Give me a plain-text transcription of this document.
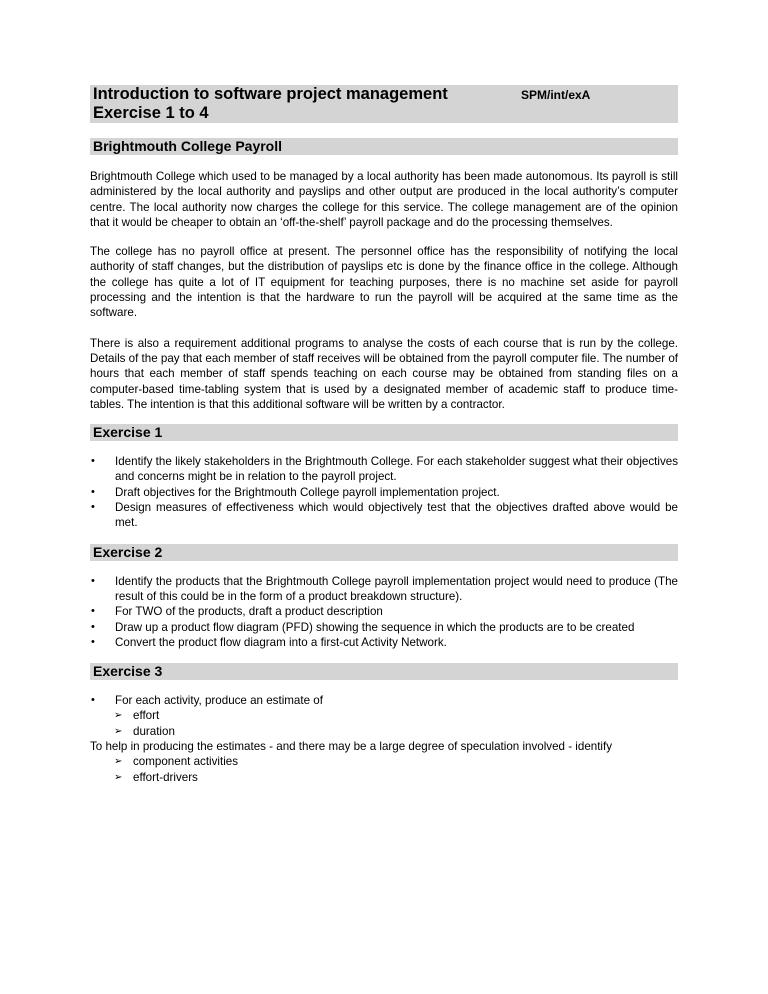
Introduction to software project management
Exercise 1 to 4
SPM/int/exA
Brightmouth College Payroll

Brightmouth College which used to be managed by a local authority has been made autonomous. Its payroll is still administered by the local authority and payslips and other output are produced in the local authority’s computer centre. The local authority now charges the college for this service. The college management are of the opinion that it would be cheaper to obtain an ‘off-the-shelf’ payroll package and do the processing themselves.

The college has no payroll office at present. The personnel office has the responsibility of notifying the local authority of staff changes, but the distribution of payslips etc is done by the finance office in the college. Although the college has quite a lot of IT equipment for teaching purposes, there is no machine set aside for payroll processing and the intention is that the hardware to run the payroll will be acquired at the same time as the software.

There is also a requirement additional programs to analyse the costs of each course that is run by the college. Details of the pay that each member of staff receives will be obtained from the payroll computer file. The number of hours that each member of staff spends teaching on each course may be obtained from standing files on a computer-based time-tabling system that is used by a designated member of academic staff to produce time-tables. The intention is that this additional software will be written by a contractor.

Exercise 1
• Identify the likely stakeholders in the Brightmouth College. For each stakeholder suggest what their objectives and concerns might be in relation to the payroll project.
• Draft objectives for the Brightmouth College payroll implementation project.
• Design measures of effectiveness which would objectively test that the objectives drafted above would be met.
Exercise 2
• Identify the products that the Brightmouth College payroll implementation project would need to produce (The result of this could be in the form of a product breakdown structure).
• For TWO of the products, draft a product description
• Draw up a product flow diagram (PFD) showing the sequence in which the products are to be created
• Convert the product flow diagram into a first-cut Activity Network.
Exercise 3
• For each activity, produce an estimate of
➢ effort
➢ duration

To help in producing the estimates - and there may be a large degree of speculation involved - identify

➢ component activities
➢ effort-drivers
